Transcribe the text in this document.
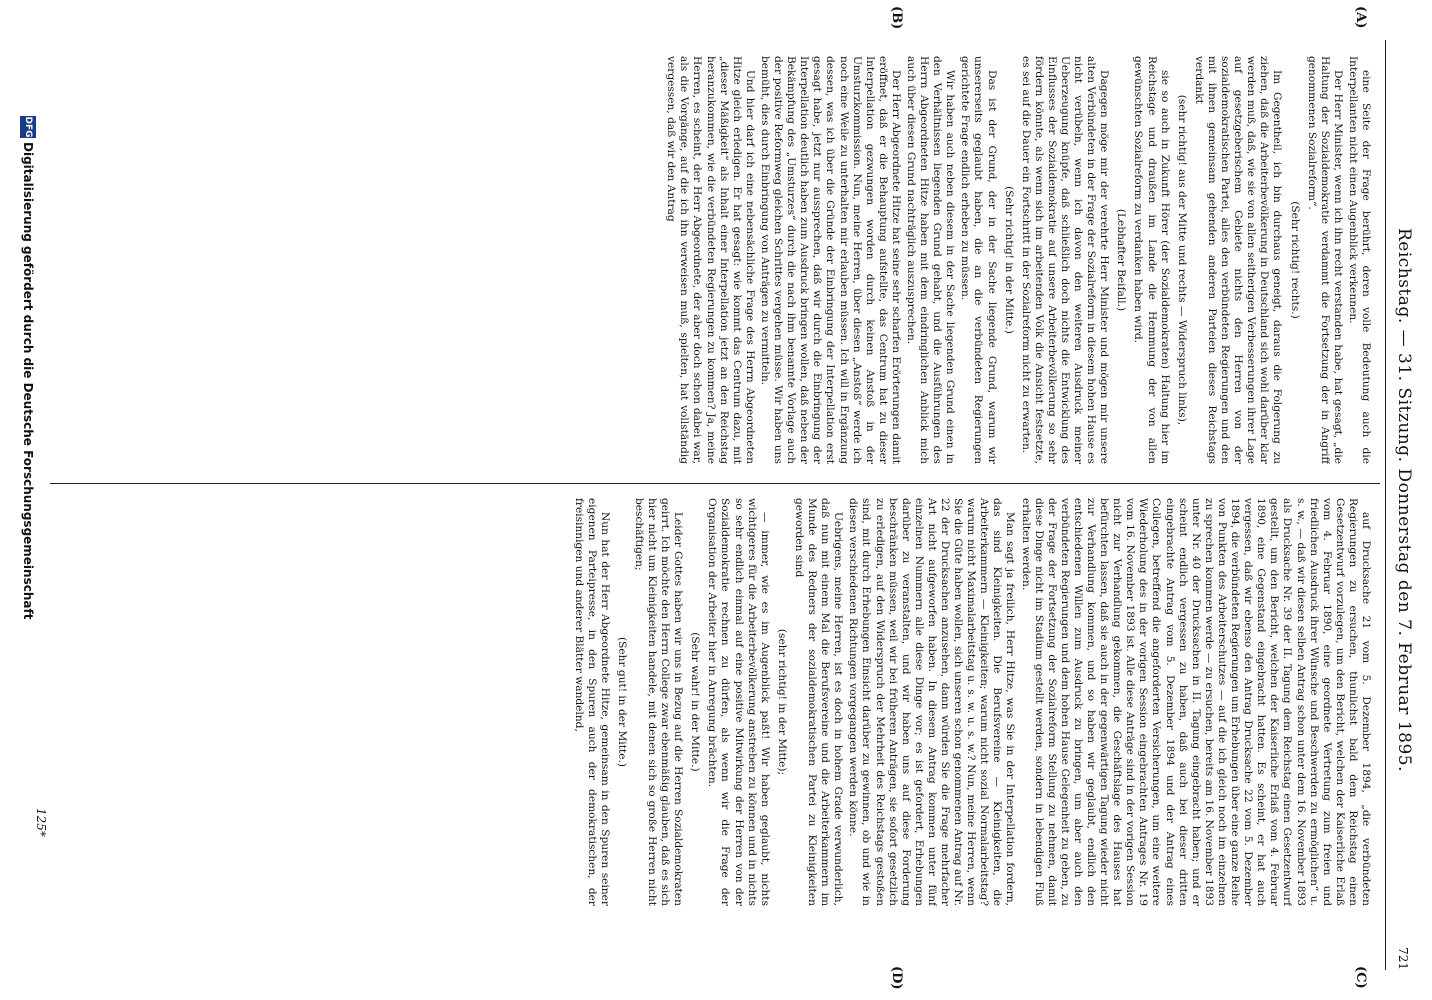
Reichstag. — 31. Sitzung. Donnerstag den 7. Februar 1895.
721
(A)
(B)
(C)
(D)

eine Seite der Frage berührt, deren volle Bedeutung auch die Interpellanten nicht einen Augenblick verkennen.

Der Herr Minister, wenn ich ihn recht verstanden habe, hat gesagt, „die Haltung der Sozialdemokratie verdammt die Fortsetzung der in Angriff genommenen Sozialreform“.

(Sehr richtig! rechts.)

Im Gegentheil, ich bin durchaus geneigt, daraus die Folgerung zu ziehen, daß die Arbeiterbevölkerung in Deutschland sich wohl darüber klar werden muß, daß, wie sie von allen seitherigen Verbesserungen ihrer Lage auf gesetzgeberischem Gebiete nichts den Herren von der sozialdemokratischen Partei, alles den verbündeten Regierungen und den mit ihnen gemeinsam gehenden anderen Parteien dieses Reichstags verdankt

(sehr richtig! aus der Mitte und rechts — Widerspruch links),

sie so auch in Zukunft Hörer (der Sozialdemokraten) Haltung hier im Reichstage und draußen im Lande die Hemmung der von allen gewünschten Sozialreform zu verdanken haben wird.

(Lebhafter Beifall.)

Dagegen möge mir der verehrte Herr Minister und mögen mir unsere alten Verbündeten in der Frage der Sozialreform in diesem hohen Hause es nicht verübeln, wenn ich davon den weiteren Ausdruck meiner Ueberzeugung knüpfe, daß schließlich doch nichts die Entwicklung des Einflusses der Sozialdemokratie auf unsere Arbeiterbevölkerung so sehr fördern könnte, als wenn sich im arbeitenden Volk die Ansicht festsetzte, es sei auf die Dauer ein Fortschritt in der Sozialreform nicht zu erwarten.

(Sehr richtig! in der Mitte.)

Das ist der Grund, der in der Sache liegende Grund, warum wir unsererseits geglaubt haben, die an die verbündeten Regierungen gerichtete Frage endlich erheben zu müssen.

Wir haben auch neben diesem in der Sache liegenden Grund einen in den Verhältnissen liegenden Grund gehabt, und die Ausführungen des Herrn Abgeordneten Hitze haben mit dem eindringlichen Anblick mich auch über diesen Grund nachträglich auszusprechen.

Der Herr Abgeordnete Hitze hat seine sehr scharfen Erörterungen damit eröffnet, daß er die Behauptung aufstellte, das Centrum hat zu dieser Interpellation gezwungen worden durch keinen Anstoß in der Umsturzkommission. Nun, meine Herren, über diesen „Anstoß“ werde ich noch eine Weile zu unterhalten mir erlauben müssen. Ich will in Ergänzung dessen, was ich über die Gründe der Einbringung der Interpellation erst gesagt habe, jetzt nur aussprechen, daß wir durch die Einbringung der Interpellation deutlich haben zum Ausdruck bringen wollen, daß neben der Bekämpfung des „Umsturzes“ durch die nach ihm benannte Vorlage auch der positive Reformweg gleichen Schrittes vergehen müsse. Wir haben uns bemüht, dies durch Einbringung von Anträgen zu vermitteln.

Und hier darf ich eine nebensächliche Frage des Herrn Abgeordneten Hitze gleich erledigen. Er hat gesagt: wie kommt das Centrum dazu, mit „dieser Mäßigkeit“ als Inhalt einer Interpellation jetzt an den Reichstag heranzukommen, wie die verbündeten Regierungen zu kommen? Ja, meine Herren, es scheint, der Herr Abgeordnete, der aber doch schon dabei war, als die Vorgänge, auf die ich ihn verweisen muß, spielten, hat vollständig vergessen, daß wir den Antrag

auf Drucksache 21 vom 5. Dezember 1894, „die verbündeten Regierungen zu ersuchen, thunlichst bald dem Reichstag einen Gesetzentwurf vorzulegen, um den Bericht, welchen der Kaiserliche Erlaß vom 4. Februar 1890, eine geordnete Vertretung zum freien und friedlichen Ausdruck ihrer Wünsche und Beschwerden zu ermöglichen“ u. s. w., — daß wir diesen selben Antrag schon unter dem 16. November 1893 als Drucksache Nr. 39 der II. Tagung dem Reichstag einen Gesetzentwurf gestellt, um den Bericht, welchen der Kaiserliche Erlaß vom 4. Februar 1890, eine Gegenstand eingebracht hatten. Es scheint, er hat auch vergessen, daß wir ebenso den Antrag Drucksache 22 vom 5. Dezember 1894, die verbündeten Regierungen um Erhebungen über eine ganze Reihe von Punkten des Arbeiterschutzes — auf die ich gleich noch im einzelnen zu sprechen kommen werde — zu ersuchen, bereits am 16. November 1893 unter Nr. 40 der Drucksachen in II. Tagung eingebracht haben; und er scheint endlich vergessen zu haben, daß auch bei dieser dritten eingebrachte Antrag vom 5. Dezember 1894 und der Antrag eines Collegen, betreffend die angeforderten Versicherungen, um eine weitere Wiederholung des in der vorigen Session eingebrachten Antrages Nr. 19 vom 16. November 1893 ist. Alle diese Anträge sind in der vorigen Session nicht zur Verhandlung gekommen, die Geschäftslage des Hauses hat befürchten lassen, daß sie auch in der gegenwärtigen Tagung wieder nicht zur Verhandlung kommen, und so haben wir geglaubt, endlich den entschiedenen Willen zum Ausdruck zu bringen, um aber auch den verbündeten Regierungen und dem hohen Hause Gelegenheit zu geben, zu der Frage der Fortsetzung der Sozialreform Stellung zu nehmen, damit diese Dinge nicht im Stadium gestellt werden, sondern in lebendigen Fluß erhalten werden.

Man sagt ja freilich, Herr Hitze, was Sie in der Interpellation fordern, das sind Kleinigkeiten. Die Berufsvereine — Kleinigkeiten, die Arbeiterkammern — Kleinigkeiten; warum nicht sozial Normalarbeitstag? warum nicht Maximalarbeitstag u. s. w. u. s. w.? Nun, meine Herren, wenn Sie die Güte haben wollen, sich unseren schon genommenen Antrag auf Nr. 22 der Drucksachen anzusehen, dann würden Sie die Frage mehrfacher Art nicht aufgeworfen haben. In diesem Antrag kommen unter fünf einzelnen Nummern alle diese Dinge vor; es ist gefordert, Erhebungen darüber zu veranstalten, und wir haben uns auf diese Forderung beschränken müssen, weil wir bei früheren Anträgen, sie sofort gesetzlich zu erledigen, auf den Widerspruch der Mehrheit des Reichstags gestoßen sind, mit durch Erhebungen Einsicht darüber zu gewinnen, ob und wie in diesen verschiedenen Richtungen vorgegangen werden könne.

Uebrigens, meine Herren, ist es doch in hohem Grade verwunderlich, daß nun mit einem Mal die Berufsvereine und die Arbeiterkammern im Munde des Redners der sozialdemokratischen Partei zu Kleinigkeiten geworden sind

(sehr richtig! in der Mitte);

— immer, wie es im Augenblick paßt! Wir haben geglaubt, nichts wichtigeres für die Arbeiterbevölkerung anstreben zu können und in nichts so sehr endlich einmal auf eine positive Mitwirkung der Herren von der Sozialdemokratie rechnen zu dürfen, als wenn wir die Frage der Organisation der Arbeiter hier in Anregung brächten.

(Sehr wahr! in der Mitte.)

Leider Gottes haben wir uns in Bezug auf die Herren Sozialdemokraten geirrt. Ich möchte den Herrn College zwar ebenmäßig glauben, daß es sich hier nicht um Kleinigkeiten handele, mit denen sich so große Herren nicht beschäftigen;

(Sehr gut! in der Mitte.)

Nun hat der Herr Abgeordnete Hitze, gemeinsam in den Spuren seiner eigenen Parteipresse, in den Spuren auch der demokratischen, der freisinnigen und anderer Blätter wandelnd,

125*
DFG
Digitalisierung gefördert durch die Deutsche Forschungsgemeinschaft
